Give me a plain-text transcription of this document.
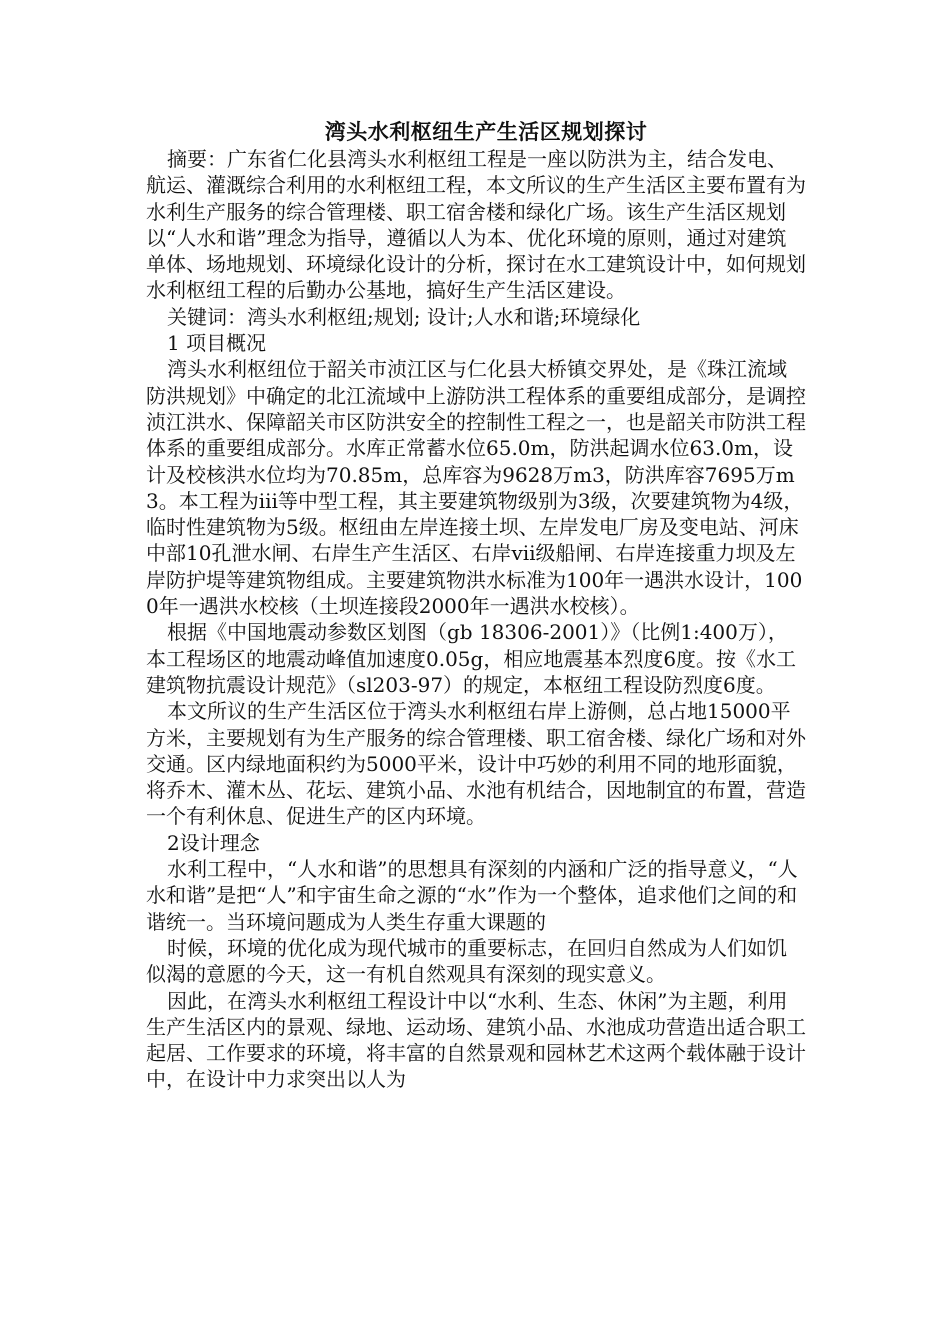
湾头水利枢纽生产生活区规划探讨

摘要：广东省仁化县湾头水利枢纽工程是一座以防洪为主，结合发电、航运、灌溉综合利用的水利枢纽工程，本文所议的生产生活区主要布置有为水利生产服务的综合管理楼、职工宿舍楼和绿化广场。该生产生活区规划以“人水和谐”理念为指导，遵循以人为本、优化环境的原则，通过对建筑单体、场地规划、环境绿化设计的分析，探讨在水工建筑设计中，如何规划水利枢纽工程的后勤办公基地，搞好生产生活区建设。

关键词：湾头水利枢纽;规划; 设计;人水和谐;环境绿化

1 项目概况

湾头水利枢纽位于韶关市浈江区与仁化县大桥镇交界处，是《珠江流域防洪规划》中确定的北江流域中上游防洪工程体系的重要组成部分，是调控浈江洪水、保障韶关市区防洪安全的控制性工程之一，也是韶关市防洪工程体系的重要组成部分。水库正常蓄水位65.0m，防洪起调水位63.0m，设计及校核洪水位均为70.85m，总库容为9628万m3，防洪库容7695万m3。本工程为ⅲ等中型工程，其主要建筑物级别为3级，次要建筑物为4级，临时性建筑物为5级。枢纽由左岸连接土坝、左岸发电厂房及变电站、河床中部10孔泄水闸、右岸生产生活区、右岸ⅶ级船闸、右岸连接重力坝及左岸防护堤等建筑物组成。主要建筑物洪水标准为100年一遇洪水设计，1000年一遇洪水校核（土坝连接段2000年一遇洪水校核）。

根据《中国地震动参数区划图（gb 18306-2001）》（比例1:400万），本工程场区的地震动峰值加速度0.05g，相应地震基本烈度6度。按《水工建筑物抗震设计规范》（sl203-97）的规定，本枢纽工程设防烈度6度。

本文所议的生产生活区位于湾头水利枢纽右岸上游侧，总占地15000平方米，主要规划有为生产服务的综合管理楼、职工宿舍楼、绿化广场和对外交通。区内绿地面积约为5000平米，设计中巧妙的利用不同的地形面貌，将乔木、灌木丛、花坛、建筑小品、水池有机结合，因地制宜的布置，营造一个有利休息、促进生产的区内环境。

2设计理念

水利工程中，“人水和谐”的思想具有深刻的内涵和广泛的指导意义，“人水和谐”是把“人”和宇宙生命之源的“水”作为一个整体，追求他们之间的和谐统一。当环境问题成为人类生存重大课题的

时候，环境的优化成为现代城市的重要标志，在回归自然成为人们如饥似渴的意愿的今天，这一有机自然观具有深刻的现实意义。

因此，在湾头水利枢纽工程设计中以“水利、生态、休闲”为主题，利用生产生活区内的景观、绿地、运动场、建筑小品、水池成功营造出适合职工起居、工作要求的环境，将丰富的自然景观和园林艺术这两个载体融于设计中，在设计中力求突出以人为
